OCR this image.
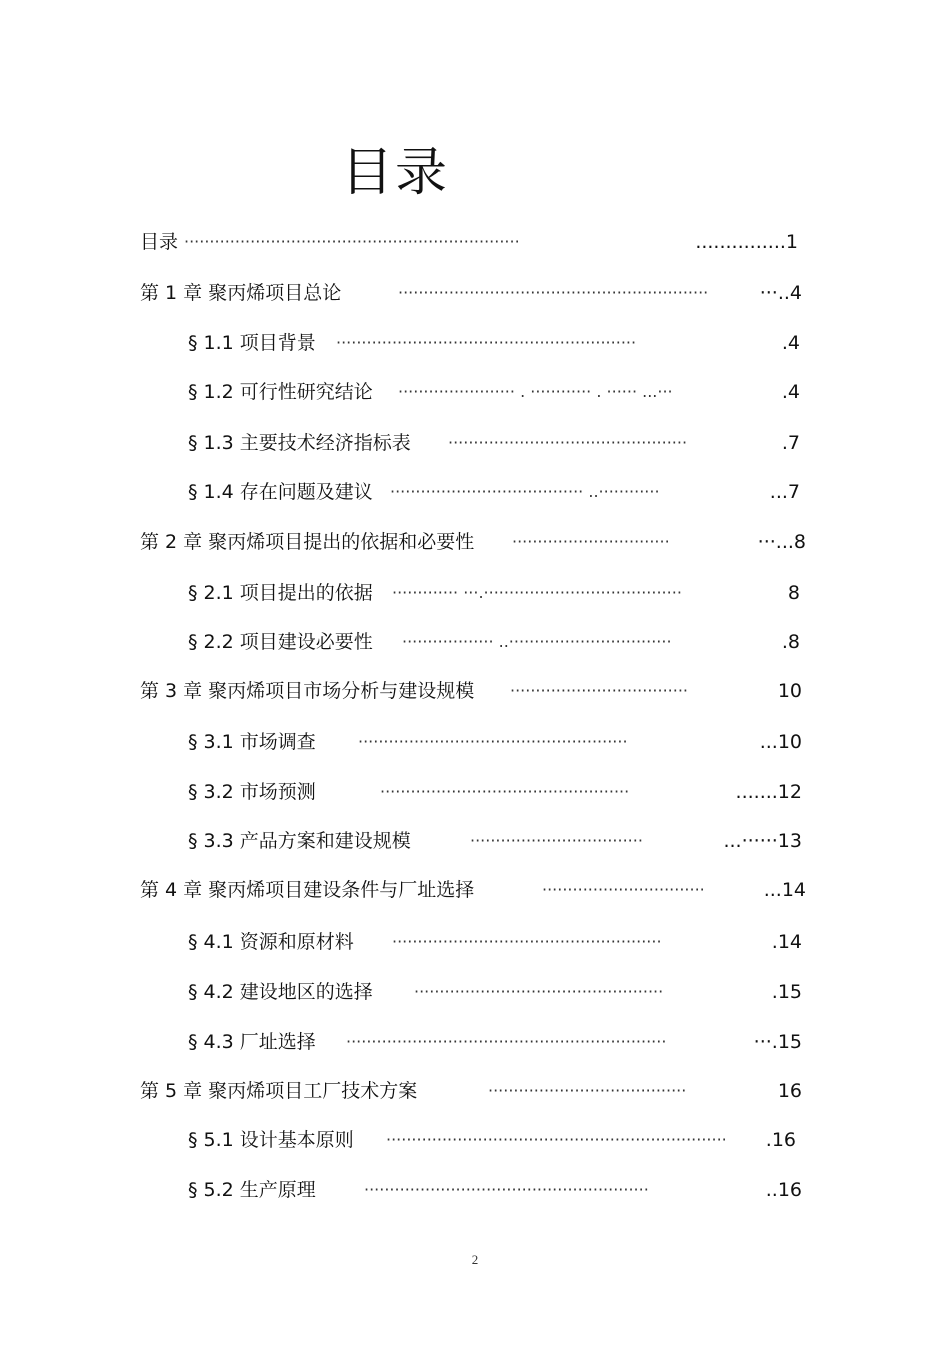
目录
目录 ··································································	...............1
第 1 章 聚丙烯项目总论	·····························································	···..4
§ 1.1 项目背景 ···························································	.4
§ 1.2 可行性研究结论 ······················· . ············ . ······ ...···	.4
§ 1.3 主要技术经济指标表 ···············································	.7
§ 1.4 存在问题及建议 ······································ ..············	...7
第 2 章 聚丙烯项目提出的依据和必要性 ·······························	···...8
§ 2.1 项目提出的依据 ············· ···.·······································	8
§ 2.2 项目建设必要性 ·················· ..································	.8
第 3 章 聚丙烯项目市场分析与建设规模 ···································	10
§ 3.1 市场调查	·····················································	...10
§ 3.2 市场预测	·················································	.......12
§ 3.3 产品方案和建设规模	··································	...······13
第 4 章 聚丙烯项目建设条件与厂址选择	································	...14
§ 4.1 资源和原材料 ·····················································	.14
§ 4.2 建设地区的选择	·················································	.15
§ 4.3 厂址选择 ·······························································	···.15
第 5 章 聚丙烯项目工厂技术方案	·······································	16
§ 5.1 设计基本原则 ···································································	.16
§ 5.2 生产原理	························································	..16
2
